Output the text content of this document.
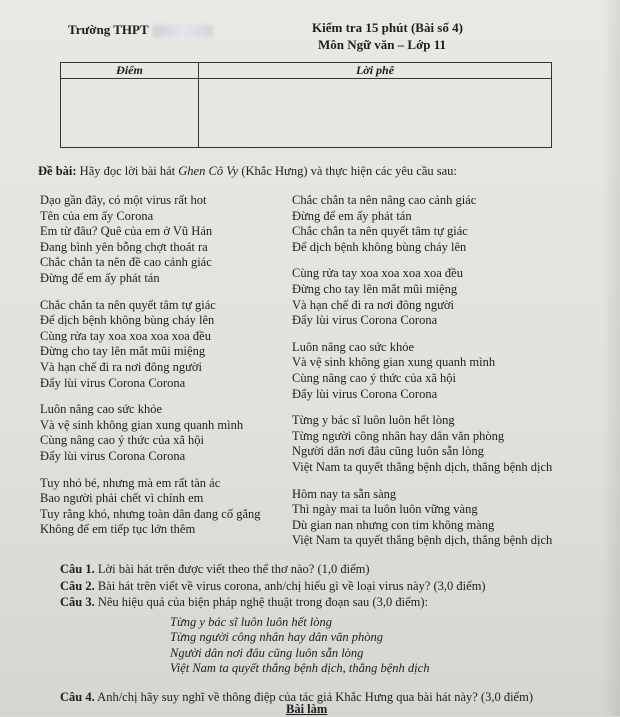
Trường THPT	Kiểm tra 15 phút (Bài số 4)
Môn Ngữ văn – Lớp 11
Điểm	Lời phê

Đề bài: Hãy đọc lời bài hát Ghen Cô Vy (Khắc Hưng) và thực hiện các yêu cầu sau:
Dạo gần đây, có một virus rất hot
Tên của em ấy Corona
Em từ đâu? Quê của em ở Vũ Hán
Đang bình yên bỗng chợt thoát ra
Chắc chắn ta nên đề cao cảnh giác
Đừng để em ấy phát tán
Chắc chắn ta nên quyết tâm tự giác
Để dịch bệnh không bùng cháy lên
Cùng rửa tay xoa xoa xoa xoa đều
Đừng cho tay lên mắt mũi miệng
Và hạn chế đi ra nơi đông người
Đẩy lùi virus Corona Corona
Luôn nâng cao sức khỏe
Và vệ sinh không gian xung quanh mình
Cùng nâng cao ý thức của xã hội
Đẩy lùi virus Corona Corona
Tuy nhỏ bé, nhưng mà em rất tàn ác
Bao người phải chết vì chính em
Tuy rằng khó, nhưng toàn dân đang cố gắng
Không để em tiếp tục lớn thêm
Chắc chắn ta nên nâng cao cảnh giác
Đừng để em ấy phát tán
Chắc chắn ta nên quyết tâm tự giác
Để dịch bệnh không bùng cháy lên
Cùng rửa tay xoa xoa xoa xoa đều
Đừng cho tay lên mắt mũi miệng
Và hạn chế đi ra nơi đông người
Đẩy lùi virus Corona Corona
Luôn nâng cao sức khỏe
Và vệ sinh không gian xung quanh mình
Cùng nâng cao ý thức của xã hội
Đẩy lùi virus Corona Corona
Từng y bác sĩ luôn luôn hết lòng
Từng người công nhân hay dân văn phòng
Người dân nơi đâu cũng luôn sẵn lòng
Việt Nam ta quyết thắng bệnh dịch, thắng bệnh dịch
Hôm nay ta sẵn sàng
Thì ngày mai ta luôn luôn vững vàng
Dù gian nan nhưng con tim không màng
Việt Nam ta quyết thắng bệnh dịch, thắng bệnh dịch
Câu 1. Lời bài hát trên được viết theo thể thơ nào? (1,0 điểm)
Câu 2. Bài hát trên viết về virus corona, anh/chị hiểu gì về loại virus này? (3,0 điểm)
Câu 3. Nêu hiệu quả của biện pháp nghệ thuật trong đoạn sau (3,0 điểm):
Từng y bác sĩ luôn luôn hết lòng
Từng người công nhân hay dân văn phòng
Người dân nơi đâu cũng luôn sẵn lòng
Việt Nam ta quyết thắng bệnh dịch, thắng bệnh dịch
Câu 4. Anh/chị hãy suy nghĩ về thông điệp của tác giả Khắc Hưng qua bài hát này? (3,0 điểm)
Bài làm
